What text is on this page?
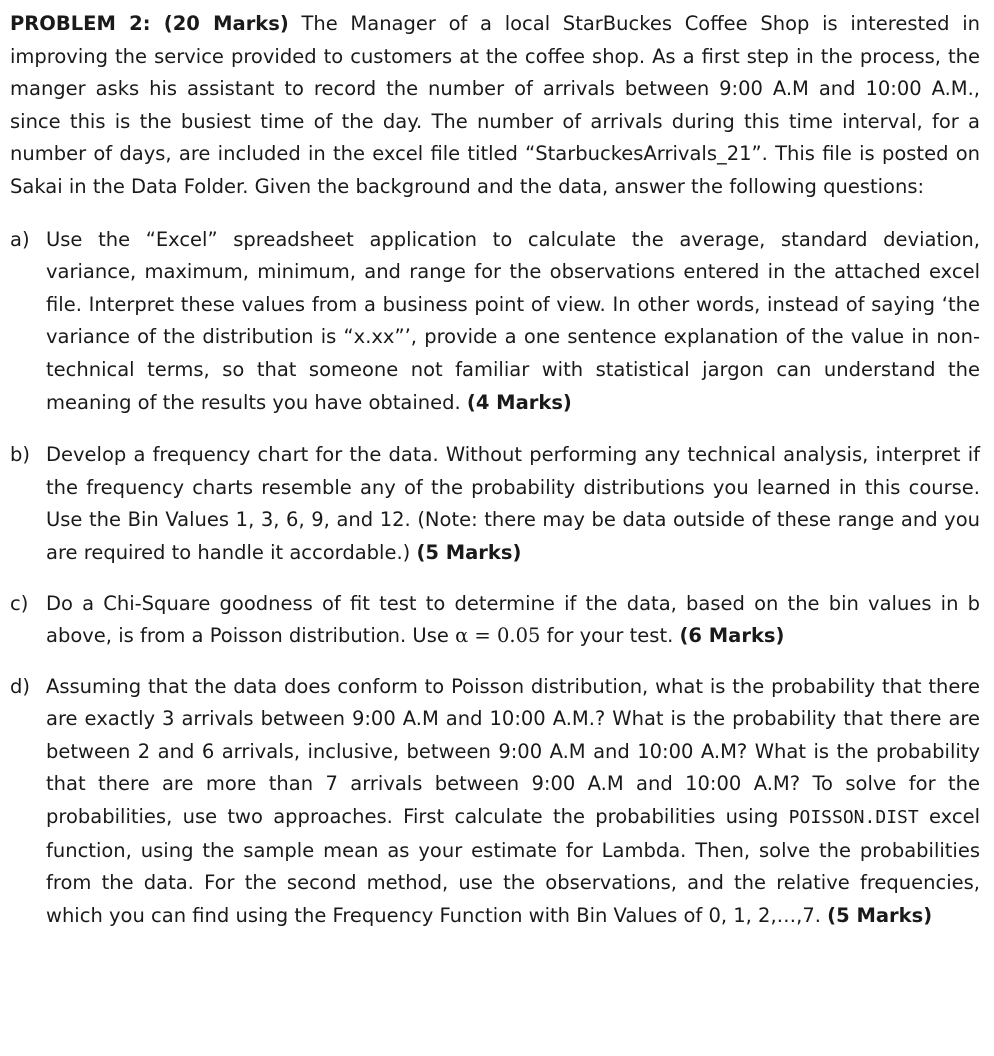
PROBLEM 2: (20 Marks) The Manager of a local StarBuckes Coffee Shop is interested in improving the service provided to customers at the coffee shop. As a first step in the process, the manger asks his assistant to record the number of arrivals between 9:00 A.M and 10:00 A.M., since this is the busiest time of the day. The number of arrivals during this time interval, for a number of days, are included in the excel file titled “StarbuckesArrivals_21”. This file is posted on Sakai in the Data Folder. Given the background and the data, answer the following questions:

a) Use the “Excel” spreadsheet application to calculate the average, standard deviation, variance, maximum, minimum, and range for the observations entered in the attached excel file. Interpret these values from a business point of view. In other words, instead of saying ‘the variance of the distribution is “x.xx”’, provide a one sentence explanation of the value in non-technical terms, so that someone not familiar with statistical jargon can understand the meaning of the results you have obtained. (4 Marks)
b) Develop a frequency chart for the data. Without performing any technical analysis, interpret if the frequency charts resemble any of the probability distributions you learned in this course. Use the Bin Values 1, 3, 6, 9, and 12. (Note: there may be data outside of these range and you are required to handle it accordable.) (5 Marks)
c) Do a Chi-Square goodness of fit test to determine if the data, based on the bin values in b above, is from a Poisson distribution. Use α = 0.05 for your test. (6 Marks)
d) Assuming that the data does conform to Poisson distribution, what is the probability that there are exactly 3 arrivals between 9:00 A.M and 10:00 A.M.? What is the probability that there are between 2 and 6 arrivals, inclusive, between 9:00 A.M and 10:00 A.M? What is the probability that there are more than 7 arrivals between 9:00 A.M and 10:00 A.M? To solve for the probabilities, use two approaches. First calculate the probabilities using POISSON.DIST excel function, using the sample mean as your estimate for Lambda. Then, solve the probabilities from the data. For the second method, use the observations, and the relative frequencies, which you can find using the Frequency Function with Bin Values of 0, 1, 2,…,7. (5 Marks)
